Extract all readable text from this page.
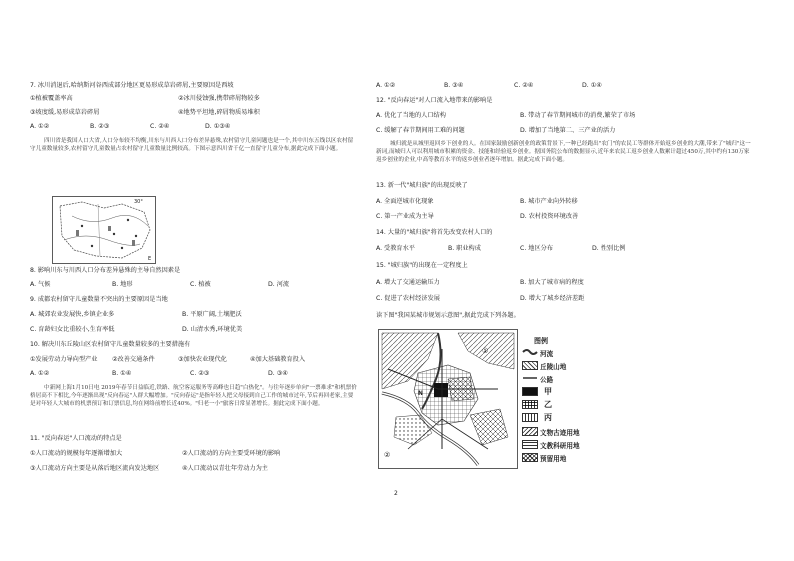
7. 冰川消退后,哈纳斯河谷西成部分地区更易形成草岩碎屑,主要原因是西坡
①植被覆盖率高	②冰川侵蚀强,携带碎屑物较多
③坡度缓,易形成草岩碎屑	④地势平坦地,碎屑物质易堆积
A. ①②	B. ②③	C. ②④	D. ①③④
四川省是我国人口大省,人口分布较不均衡,川东与川西人口分布差异悬殊,农村留守儿童问题也是一个,其中川东五线以区农村留守儿童数量较多,农村留守儿童数量占农村留守儿童数量比例较高。下图示意四川省千亿一直留守儿童分布,据此完成下面小题。
30°
E
8. 影响川东与川西人口分布差异悬殊的主导自然因素是
A. 气候	B. 地形	C. 植被	D. 河流
9. 成都农村留守儿童数量不突出的主要原因是当地
A. 城郊农业发展快,乡镇企业多	B. 平原广阔,土壤肥沃
C. 育龄妇女比重较小,生育率低	D. 山清水秀,环境优美
10. 解决川东丘陵山区农村留守儿童数量较多的主要措施有
①发展劳动力导向型产业 ②改善交通条件	③加快农业现代化	④加大基础教育投入
A. ①②	B. ①④	C. ②③	D. ③④
中新网上海1月10日电 2019年春节日益临近,铁路、航空客运服务等高峰也日趋"白热化"。与往年逐步单向"一票难求"和机票价格居高不下相比,今年逐渐出现"反向春运"人群大幅增加。"反向春运"是指年轻人把父母接到自己工作的城市过年,节后再回老家,主要是对年轻人大城市的机票预订和订票信息,均在网络前增长近40%。"归老一小"旅客日常显著增长。据此完成下面小题。
11. "反向春运"人口流动的特点是
①人口流动的规模每年逐渐增加大	②人口流动的方向主要受环境的影响
③人口流动方向主要是从落后地区流向发达地区	④人口流动以青壮年劳动力为主
2
A. ①②	B. ③④	C. ②④	D. ①④
12. "反向春运"对人口流入地带来的影响是
A. 优化了当地的人口结构	B. 带动了春节期间城市的消费,繁荣了市场
C. 缓解了春节期间用工难的问题	D. 增加了当地第二、三产业的活力
城归就是从城里返回乡下创业的人。在国家鼓励创新创业的政策背景下,一种已经跑出"农门"的农民工等群体开始返乡创业的大潮,带来了"城归"这一新词,而城归人可以利用城市积累的资金、技能和经验返乡创业。据国务院公布的数据显示,近年来农民工返乡创业人数累计超过450万,其中约有130万家返乡创业的企业,中高等教育水平的返乡创业者逐年增加。据此完成下面小题。
13. 新一代"城归族"的出现反映了
A. 全面逆城市化现象	B. 城市产业向外转移
C. 第一产业成为主导	D. 农村投资环境改善
14. 大量的"城归族"将首先改变农村人口的
A. 受教育水平	B. 职业构成	C. 地区分布	D. 性别比例
15. "城归族"的出现在一定程度上
A. 增大了交通运输压力	B. 加大了城市病的程度
C. 促进了农村经济发展	D. 增大了城乡经济差距
读下图"我国某城市规划示意图",据此完成下列各题。
N
①
②
图例
河流
丘陵山地
公路
甲
乙
丙
文物古迹用地
文教科研用地
预留用地
